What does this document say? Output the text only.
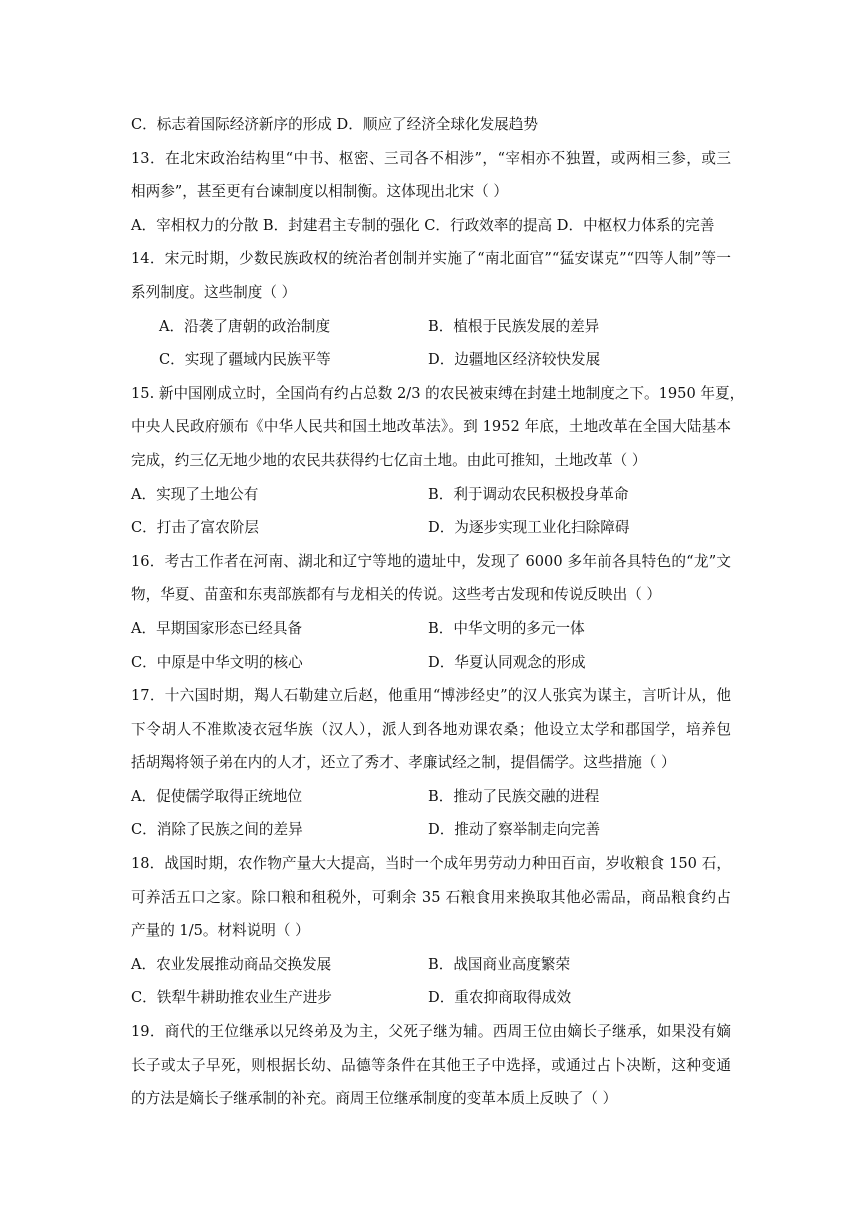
C．标志着国际经济新序的形成 D．顺应了经济全球化发展趋势
13．在北宋政治结构里“中书、枢密、三司各不相涉”，“宰相亦不独置，或两相三参，或三
相两参”，甚至更有台谏制度以相制衡。这体现出北宋（ ）
A．宰相权力的分散 B．封建君主专制的强化 C．行政效率的提高 D．中枢权力体系的完善
14．宋元时期，少数民族政权的统治者创制并实施了“南北面官”“猛安谋克”“四等人制”等一
系列制度。这些制度（ ）
A．沿袭了唐朝的政治制度	B．植根于民族发展的差异
C．实现了疆域内民族平等	D．边疆地区经济较快发展
15. 新中国刚成立时，全国尚有约占总数 2/3 的农民被束缚在封建土地制度之下。1950 年夏，
中央人民政府颁布《中华人民共和国土地改革法》。到 1952 年底，土地改革在全国大陆基本
完成，约三亿无地少地的农民共获得约七亿亩土地。由此可推知，土地改革（ ）
A．实现了土地公有	B．利于调动农民积极投身革命
C．打击了富农阶层	D．为逐步实现工业化扫除障碍
16．考古工作者在河南、湖北和辽宁等地的遗址中，发现了 6000 多年前各具特色的“龙”文
物，华夏、苗蛮和东夷部族都有与龙相关的传说。这些考古发现和传说反映出（ ）
A．早期国家形态已经具备	B．中华文明的多元一体
C．中原是中华文明的核心	D．华夏认同观念的形成
17．十六国时期，羯人石勒建立后赵，他重用“博涉经史”的汉人张宾为谋主，言听计从，他
下令胡人不准欺凌衣冠华族（汉人），派人到各地劝课农桑；他设立太学和郡国学，培养包
括胡羯将领子弟在内的人才，还立了秀才、孝廉试经之制，提倡儒学。这些措施（ ）
A．促使儒学取得正统地位	B．推动了民族交融的进程
C．消除了民族之间的差异	D．推动了察举制走向完善
18．战国时期，农作物产量大大提高，当时一个成年男劳动力种田百亩，岁收粮食 150 石，
可养活五口之家。除口粮和租税外，可剩余 35 石粮食用来换取其他必需品，商品粮食约占
产量的 1/5。材料说明（ ）
A．农业发展推动商品交换发展	B．战国商业高度繁荣
C．铁犁牛耕助推农业生产进步	D．重农抑商取得成效
19．商代的王位继承以兄终弟及为主，父死子继为辅。西周王位由嫡长子继承，如果没有嫡
长子或太子早死，则根据长幼、品德等条件在其他王子中选择，或通过占卜决断，这种变通
的方法是嫡长子继承制的补充。商周王位继承制度的变革本质上反映了（ ）
